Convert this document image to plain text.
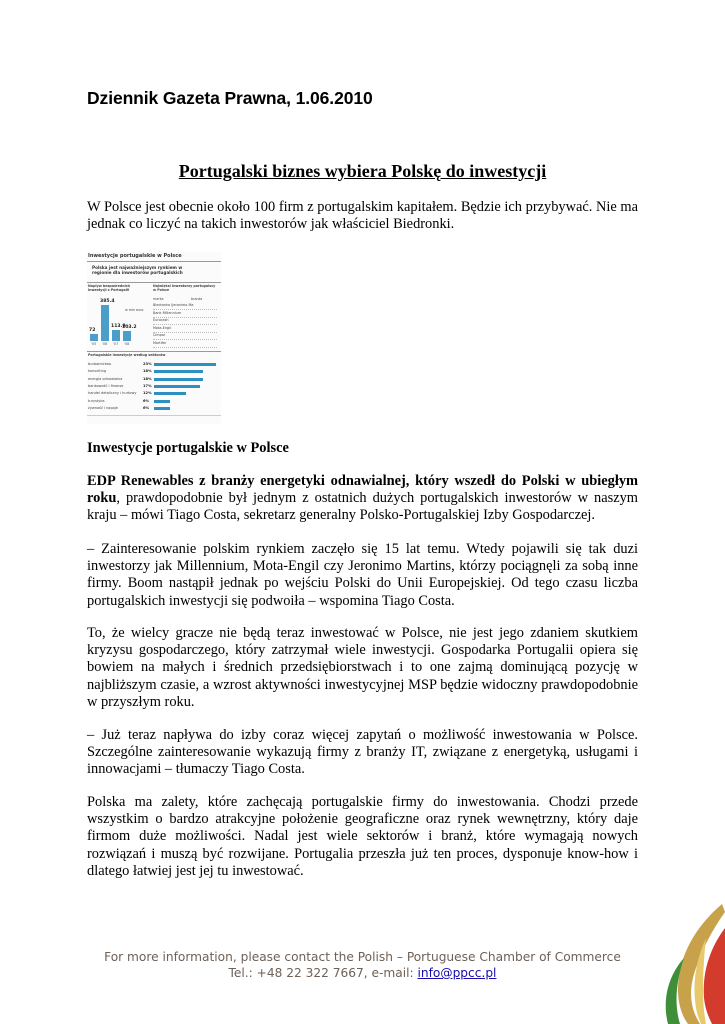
Dziennik Gazeta Prawna, 1.06.2010
Portugalski biznes wybiera Polskę do inwestycji
W Polsce jest obecnie około 100 firm z portugalskim kapitałem. Będzie ich przybywać. Nie ma jednak co liczyć na takich inwestorów jak właściciel Biedronki.
Inwestycje portugalskie w Polsce
Polska jest najważniejszym rynkiem w regionie dla inwestorów portugalskich
Napływ bezpośrednich inwestycji z Portugalii
Najwięksi inwestorzy portugalscy w Polsce
w mln euro
72
'05
385.4
'06
113.9
'07
103.2
'08
marka	branża
Biedronka (Jeronimo Ma
Bank Millennium
Eurocash
Mota-Engil
Cimpor
Martifer
Portugalskie inwestycje według sektorów
budownictwo	23%
konsulting	18%
energia odnawialna	18%
bankowość i finanse	17%
handel detaliczny i hurtowy 12%
turystyka	6%
żywność i napoje	6%
Inwestycje portugalskie w Polsce
EDP Renewables z branży energetyki odnawialnej, który wszedł do Polski w ubiegłym roku, prawdopodobnie był jednym z ostatnich dużych portugalskich inwestorów w naszym kraju – mówi Tiago Costa, sekretarz generalny Polsko-Portugalskiej Izby Gospodarczej.
– Zainteresowanie polskim rynkiem zaczęło się 15 lat temu. Wtedy pojawili się tak duzi inwestorzy jak Millennium, Mota-Engil czy Jeronimo Martins, którzy pociągnęli za sobą inne firmy. Boom nastąpił jednak po wejściu Polski do Unii Europejskiej. Od tego czasu liczba portugalskich inwestycji się podwoiła – wspomina Tiago Costa.
To, że wielcy gracze nie będą teraz inwestować w Polsce, nie jest jego zdaniem skutkiem kryzysu gospodarczego, który zatrzymał wiele inwestycji. Gospodarka Portugalii opiera się bowiem na małych i średnich przedsiębiorstwach i to one zajmą dominującą pozycję w najbliższym czasie, a wzrost aktywności inwestycyjnej MSP będzie widoczny prawdopodobnie w przyszłym roku.
– Już teraz napływa do izby coraz więcej zapytań o możliwość inwestowania w Polsce. Szczególne zainteresowanie wykazują firmy z branży IT, związane z energetyką, usługami i innowacjami – tłumaczy Tiago Costa.
Polska ma zalety, które zachęcają portugalskie firmy do inwestowania. Chodzi przede wszystkim o bardzo atrakcyjne położenie geograficzne oraz rynek wewnętrzny, który daje firmom duże możliwości. Nadal jest wiele sektorów i branż, które wymagają nowych rozwiązań i muszą być rozwijane. Portugalia przeszła już ten proces, dysponuje know-how i dlatego łatwiej jest jej tu inwestować.
For more information, please contact the Polish – Portuguese Chamber of Commerce
Tel.: +48 22 322 7667, e-mail: info@ppcc.pl
